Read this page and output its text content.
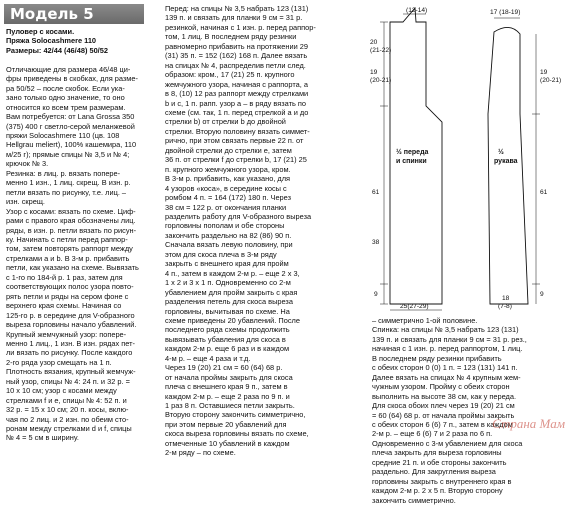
Модель 5
Пуловер с косами.
Пряжа Solocashmere 110
Размеры: 42/44 (46/48) 50/52

Отличающие для размера 46/48 ци-
фры приведены в скобках, для разме-
ра 50/52 – после скобок. Если ука-
зано только одно значение, то оно
относится ко всем трем размерам.
Вам потребуется: от Lana Grossa 350
(375) 400 г светло-серой меланжевой
пряжи Solocashmere 110 (цв. 108
Hellgrau meliert), 100% кашемира, 110
м/25 г); прямые спицы № 3,5 и № 4;
крючок № 3.
Резинка: в лиц. р. вязать попере-
менно 1 изн., 1 лиц. скрещ. В изн. р.
петли вязать по рисунку, т.е. лиц. –
изн. скрещ.
Узор с косами: вязать по схеме. Циф-
рами с правого края обозначены лиц.
ряды, в изн. р. петли вязать по рисун-
ку. Начинать с петли перед раппор-
том, затем повторять раппорт между
стрелками а и b. В 3-м р. прибавить
петли, как указано на схеме. Вывязать
с 1-го по 184-й р. 1 раз, затем для
соответствующих полос узора повто-
рять петли и ряды на сером фоне с
верхнего края схемы. Начиная со
125-го р. в середине для V-образного
выреза горловины начало убавлений.
Крупный жемчужный узор: попере-
менно 1 лиц., 1 изн. В изн. рядах пет-
ли вязать по рисунку. После каждого
2-го ряда узор смещать на 1 п.
Плотность вязания, крупный жемчуж-
ный узор, спицы № 4: 24 п. и 32 р. =
10 x 10 см; узор с косами между
стрелками f и e, спицы № 4: 52 п. и
32 р. = 15 x 10 см; 20 п. косы, вклю-
чая по 2 лиц. и 2 изн. по обеим сто-
ронам между стрелками d и f, спицы
№ 4 = 5 см в ширину.
Перед: на спицы № 3,5 набрать 123 (131)
139 п. и связать для планки 9 см = 31 р.
резинкой, начиная с 1 изн. р. перед раппор-
том, 1 лиц. В последнем ряду резинки
равномерно прибавить на протяжении 29
(31) 35 п. = 152 (162) 168 п. Далее вязать
на спицах № 4, распределив петли след.
образом: кром., 17 (21) 25 п. крупного
жемчужного узора, начиная с раппорта, а
в 8, (10) 12 раз раппорт между стрелками
b и c, 1 п. рапп. узор a – в ряду вязать по
схеме (см. так, 1 п. перед стрелкой а и до
стрелки b) от стрелки b до двойной
стрелки. Вторую половину вязать симмет-
рично, при этом связать первые 22 п. от
двойной стрелки до стрелки e, затем
36 п. от стрелки f до стрелки b, 17 (21) 25
п. крупного жемчужного узора, кром.
В 3-м р. прибавить, как указано, для
4 узоров «коса», в середине косы с
ромбом 4 п. = 164 (172) 180 п. Через
38 см = 122 р. от окончания планки
разделить работу для V-образного выреза
горловины пополам и обе стороны
закончить раздельно на 82 (86) 90 п.
Сначала вязать левую половину, при
этом для скоса плеча в 3-м ряду
закрыть с внешнего края для пройм
4 п., затем в каждом 2-м р. – еще 2 х 3,
1 х 2 и 3 х 1 п. Одновременно со 2-м
убавлением для пройм закрыть с края
разделения петель для скоса выреза
горловины, вычитывая по схеме. На
схеме приведены 20 убавлений. После
последнего ряда схемы продолжить
вывязывать убавления для скоса в
каждом 2-м р. еще 6 раз и в каждом
4-м р. – еще 4 раза и т.д.
Через 19 (20) 21 см = 60 (64) 68 р.
от начала проймы закрыть для скоса
плеча с внешнего края 9 п., затем в
каждом 2-м р. – еще 2 раза по 9 п. и
1 раз 8 п. Оставшиеся петли закрыть.
Вторую сторону закончить симметрично,
при этом первые 20 убавлений для
скоса выреза горловины вязать по схеме,
отмеченные 10 убавлений в каждом
2-м ряду – по схеме.
– симметрично 1-ой половине.
Спинка: на спицы № 3,5 набрать 123 (131)
139 п. и связать для планки 9 см = 31 р. рез.,
начиная с 1 изн. р. перед раппортом, 1 лиц.
В последнем ряду резинки прибавить
с обеих сторон 0 (0) 1 п. = 123 (131) 141 п.
Далее вязать на спицах № 4 крупным жем-
чужным узором. Пройму с обеих сторон
выполнить на высоте 38 см, как у переда.
Для скоса обоих плеч через 19 (20) 21 см
= 60 (64) 68 р. от начала проймы закрыть
с обеих сторон 6 (6) 7 п., затем в каждом
2-м р. – еще 6 (6) 7 и 2 раза по 6 п.
Одновременно с 3-м убавлением для скоса
плеча закрыть для выреза горловины
средние 21 п. и обе стороны закончить
раздельно. Для закругления выреза
горловины закрыть с внутреннего края в
каждом 2-м р. 2 x 5 п. Вторую сторону
закончить симметрично.
(12-14)	17 (18-19)
20
(21-22)
19
(20-21)
61
38
9
25(27-29)
19
(20-21)
61
9
18
(7-8)
½ переда
и спинки
½
рукава
Страна Мам
